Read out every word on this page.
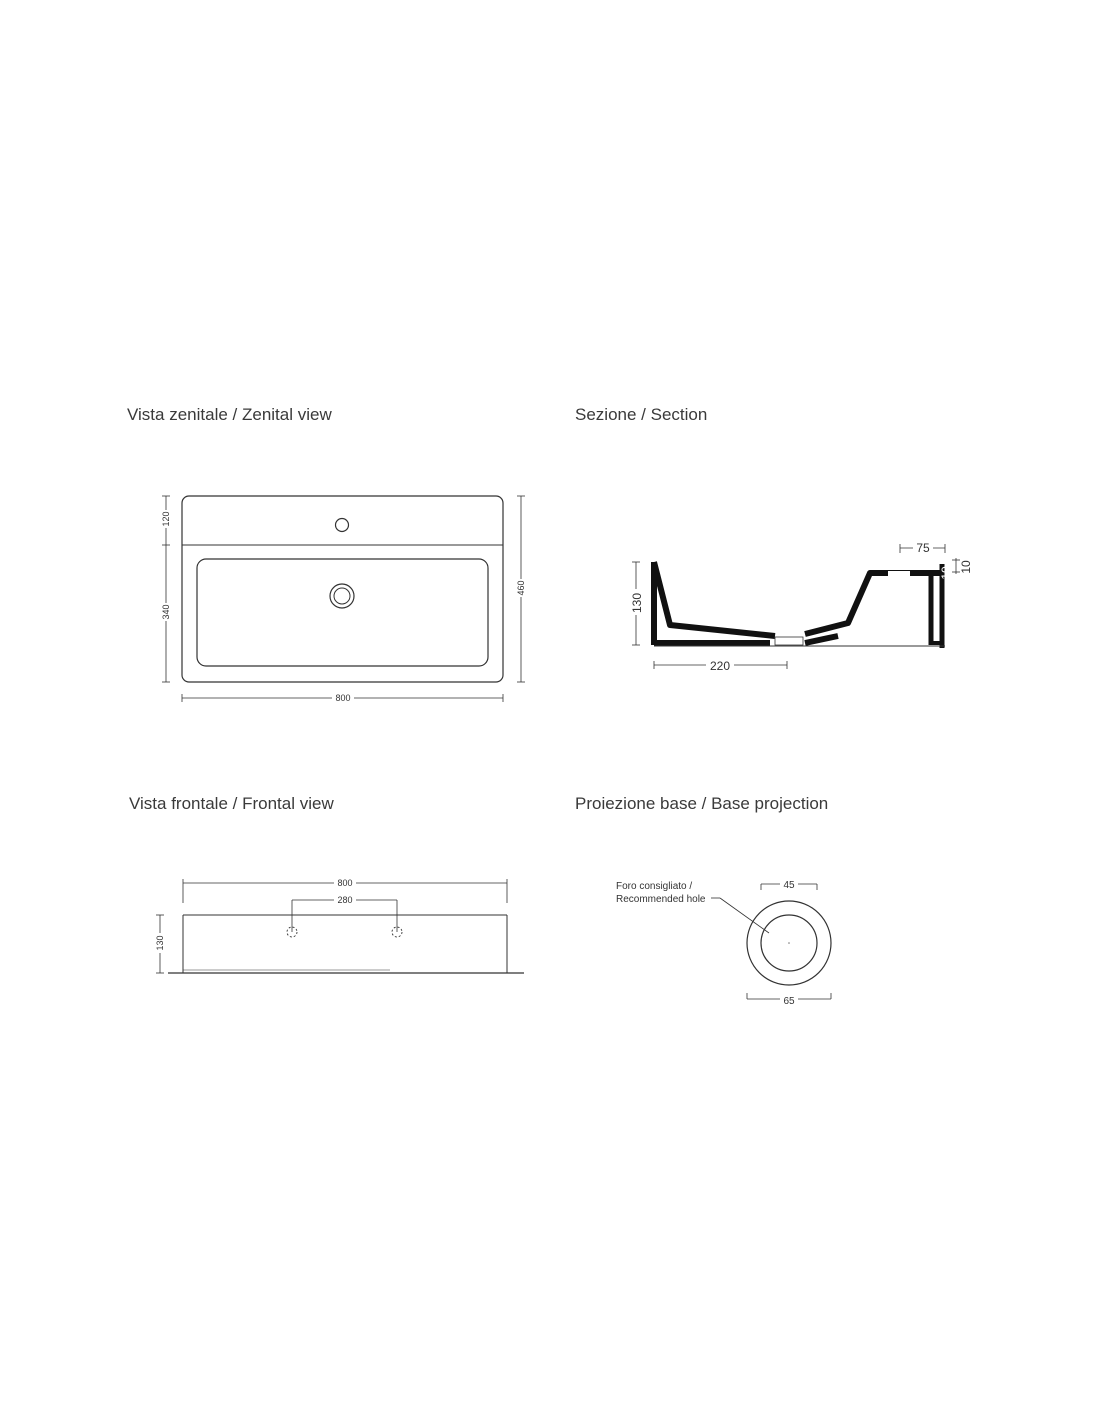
Vista zenitale / Zenital view	Sezione / Section
Vista frontale / Frontal view	Proiezione base / Base projection
120
340
460
800
130
220
75
10
10
800
280
130
45
65
Foro consigliato /
Recommended hole
